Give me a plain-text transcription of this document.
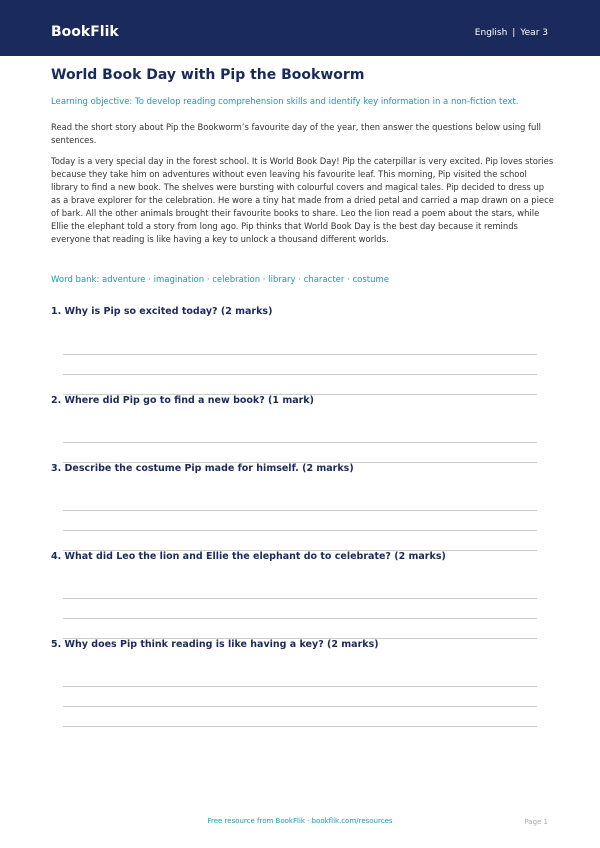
BookFlik	English | Year 3
World Book Day with Pip the Bookworm
Learning objective: To develop reading comprehension skills and identify key information in a non-fiction text.
Read the short story about Pip the Bookworm’s favourite day of the year, then answer the questions below using full sentences.
Today is a very special day in the forest school. It is World Book Day! Pip the caterpillar is very excited. Pip loves stories because they take him on adventures without even leaving his favourite leaf. This morning, Pip visited the school library to find a new book. The shelves were bursting with colourful covers and magical tales. Pip decided to dress up as a brave explorer for the celebration. He wore a tiny hat made from a dried petal and carried a map drawn on a piece of bark. All the other animals brought their favourite books to share. Leo the lion read a poem about the stars, while Ellie the elephant told a story from long ago. Pip thinks that World Book Day is the best day because it reminds everyone that reading is like having a key to unlock a thousand different worlds.
Word bank: adventure · imagination · celebration · library · character · costume
1. Why is Pip so excited today? (2 marks)
2. Where did Pip go to find a new book? (1 mark)
3. Describe the costume Pip made for himself. (2 marks)
4. What did Leo the lion and Ellie the elephant do to celebrate? (2 marks)
5. Why does Pip think reading is like having a key? (2 marks)
Free resource from BookFlik · bookflik.com/resources	Page 1
